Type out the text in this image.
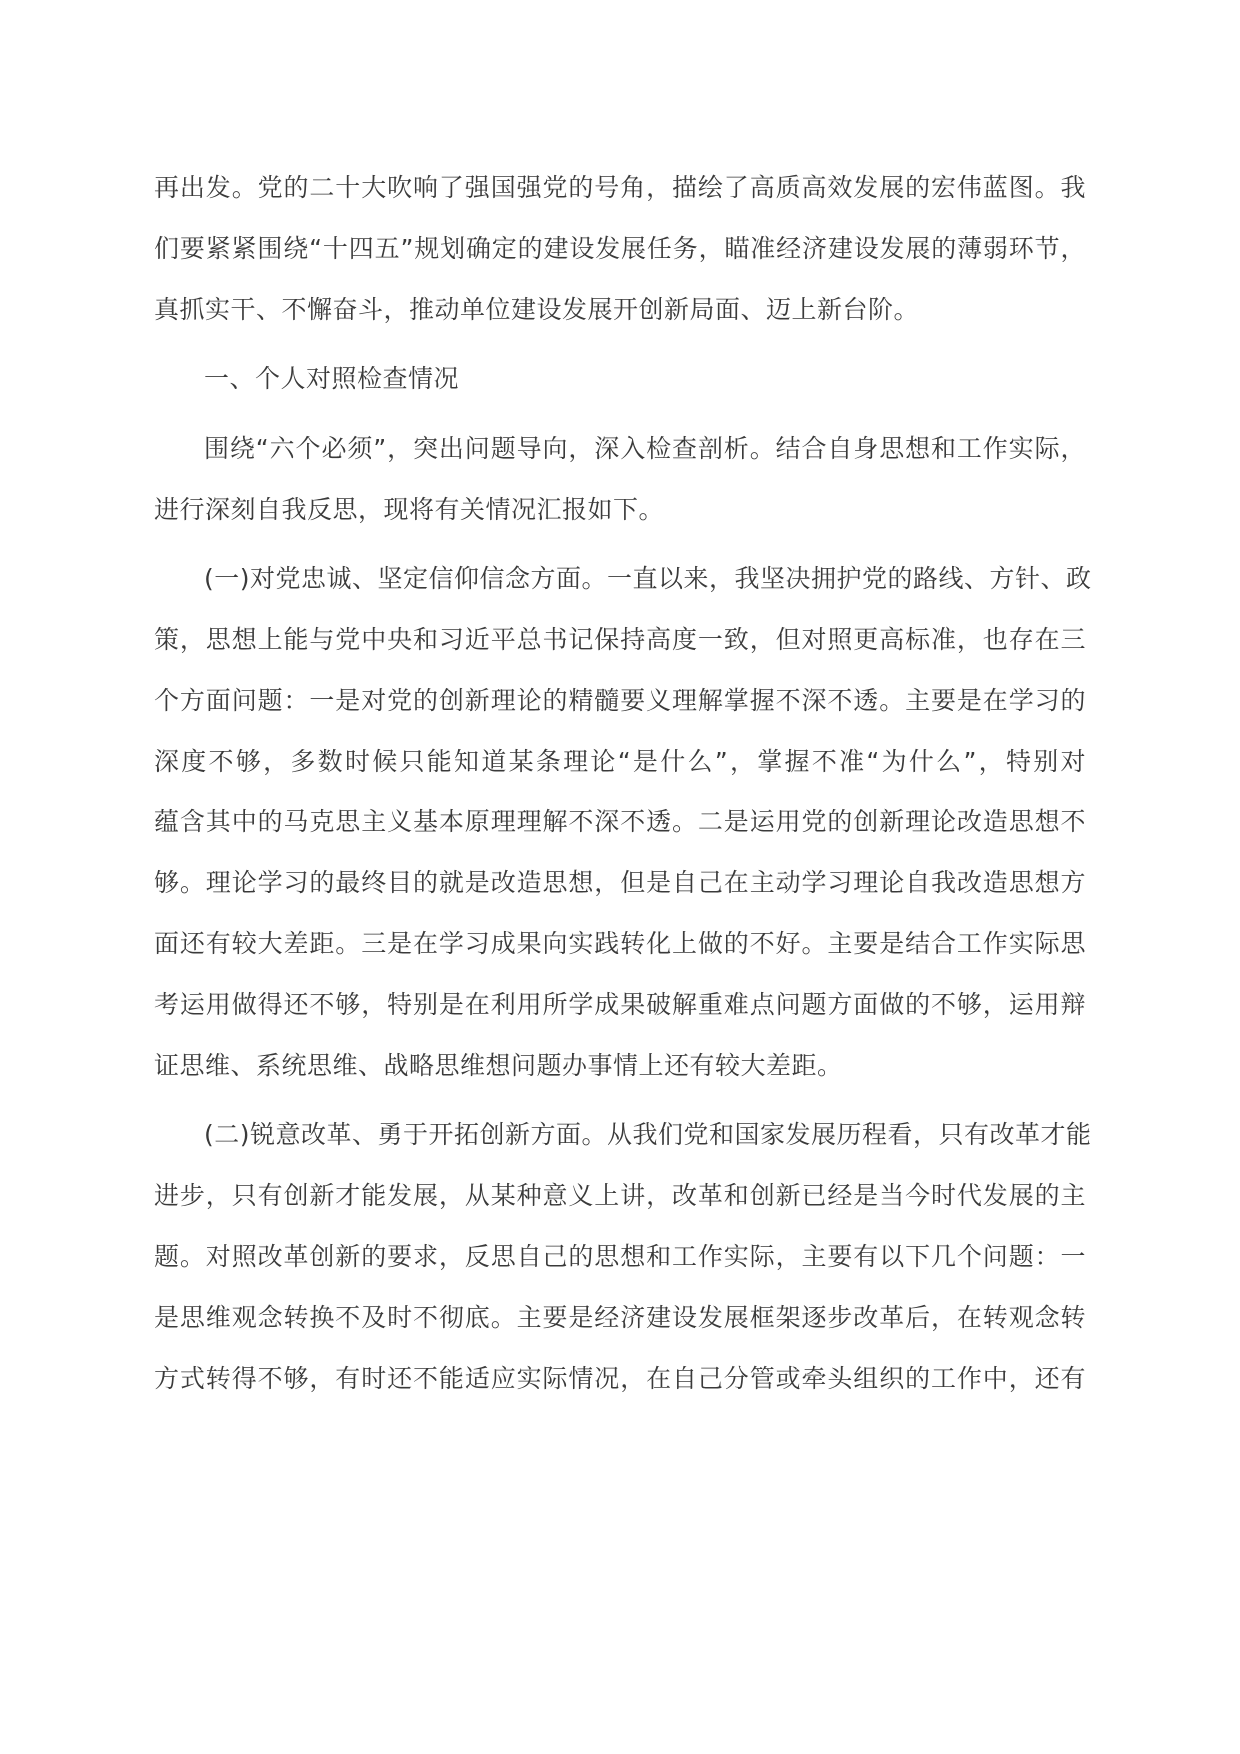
再出发。党的二十大吹响了强国强党的号角，描绘了高质高效发展的宏伟蓝图。我
们要紧紧围绕“十四五”规划确定的建设发展任务，瞄准经济建设发展的薄弱环节，
真抓实干、不懈奋斗，推动单位建设发展开创新局面、迈上新台阶。
一、个人对照检查情况
围绕“六个必须”，突出问题导向，深入检查剖析。结合自身思想和工作实际，
进行深刻自我反思，现将有关情况汇报如下。
(一)对党忠诚、坚定信仰信念方面。一直以来，我坚决拥护党的路线、方针、政
策，思想上能与党中央和习近平总书记保持高度一致，但对照更高标准，也存在三
个方面问题：一是对党的创新理论的精髓要义理解掌握不深不透。主要是在学习的
深度不够，多数时候只能知道某条理论“是什么”，掌握不准“为什么”，特别对
蕴含其中的马克思主义基本原理理解不深不透。二是运用党的创新理论改造思想不
够。理论学习的最终目的就是改造思想，但是自己在主动学习理论自我改造思想方
面还有较大差距。三是在学习成果向实践转化上做的不好。主要是结合工作实际思
考运用做得还不够，特别是在利用所学成果破解重难点问题方面做的不够，运用辩
证思维、系统思维、战略思维想问题办事情上还有较大差距。
(二)锐意改革、勇于开拓创新方面。从我们党和国家发展历程看，只有改革才能
进步，只有创新才能发展，从某种意义上讲，改革和创新已经是当今时代发展的主
题。对照改革创新的要求，反思自己的思想和工作实际，主要有以下几个问题：一
是思维观念转换不及时不彻底。主要是经济建设发展框架逐步改革后，在转观念转
方式转得不够，有时还不能适应实际情况，在自己分管或牵头组织的工作中，还有
